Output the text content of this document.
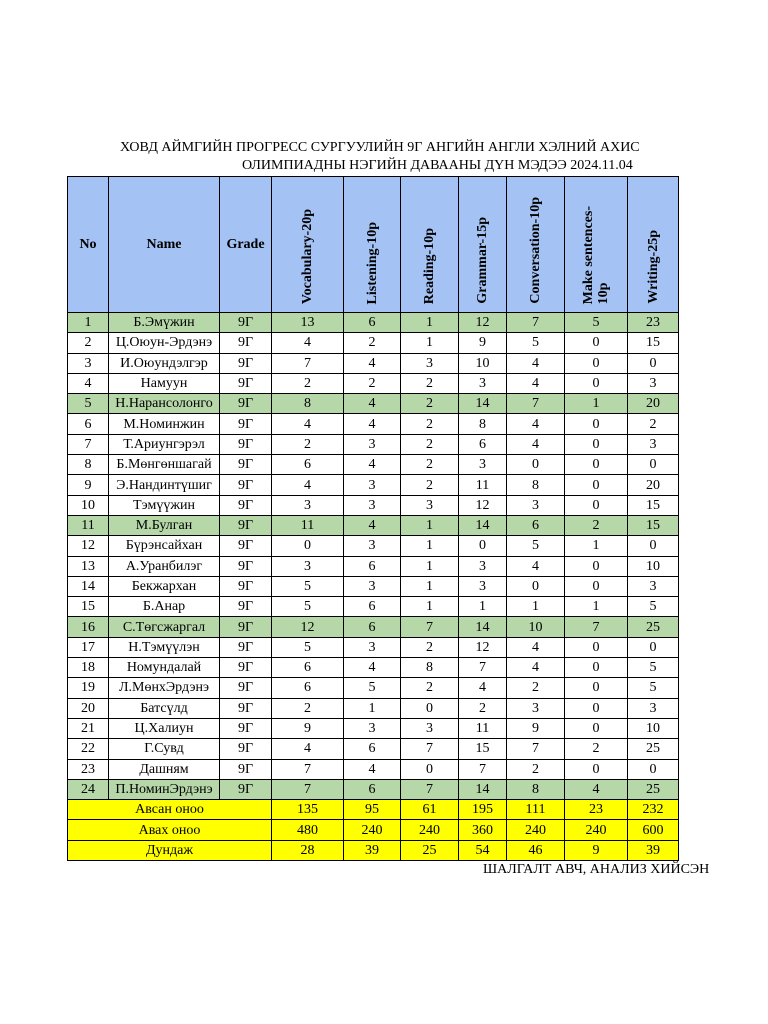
ХОВД АЙМГИЙН ПРОГРЕСС СУРГУУЛИЙН 9Г АНГИЙН АНГЛИ ХЭЛНИЙ АХИС
ОЛИМПИАДНЫ НЭГИЙН ДАВААНЫ ДҮН МЭДЭЭ 2024.11.04
No	Name	Grade	Vocabulary-20p	Listening-10p	Reading-10p	Grammar-15p	Conversation-10p	Make sentences- 10p	Writing-25p
1	Б.Эмүжин	9Г	13	6	1	12	7	5	23
2	Ц.Оюун-Эрдэнэ	9Г	4	2	1	9	5	0	15
3	И.Оюундэлгэр	9Г	7	4	3	10	4	0	0
4	Намуун	9Г	2	2	2	3	4	0	3
5	Н.Нарансолонго	9Г	8	4	2	14	7	1	20
6	М.Номинжин	9Г	4	4	2	8	4	0	2
7	Т.Ариунгэрэл	9Г	2	3	2	6	4	0	3
8	Б.Мөнгөншагай	9Г	6	4	2	3	0	0	0
9	Э.Нандинтүшиг	9Г	4	3	2	11	8	0	20
10	Тэмүүжин	9Г	3	3	3	12	3	0	15
11	М.Булган	9Г	11	4	1	14	6	2	15
12	Бүрэнсайхан	9Г	0	3	1	0	5	1	0
13	А.Уранбилэг	9Г	3	6	1	3	4	0	10
14	Бекжархан	9Г	5	3	1	3	0	0	3
15	Б.Анар	9Г	5	6	1	1	1	1	5
16	С.Төгсжаргал	9Г	12	6	7	14	10	7	25
17	Н.Тэмүүлэн	9Г	5	3	2	12	4	0	0
18	Номундалай	9Г	6	4	8	7	4	0	5
19	Л.МөнхЭрдэнэ	9Г	6	5	2	4	2	0	5
20	Батсүлд	9Г	2	1	0	2	3	0	3
21	Ц.Халиун	9Г	9	3	3	11	9	0	10
22	Г.Сувд	9Г	4	6	7	15	7	2	25
23	Дашням	9Г	7	4	0	7	2	0	0
24	П.НоминЭрдэнэ	9Г	7	6	7	14	8	4	25
Авсан оноо			135	95	61	195	111	23	232
Авах оноо			480	240	240	360	240	240	600
Дундаж			28	39	25	54	46	9	39
ШАЛГАЛТ АВЧ, АНАЛИЗ ХИЙСЭН
